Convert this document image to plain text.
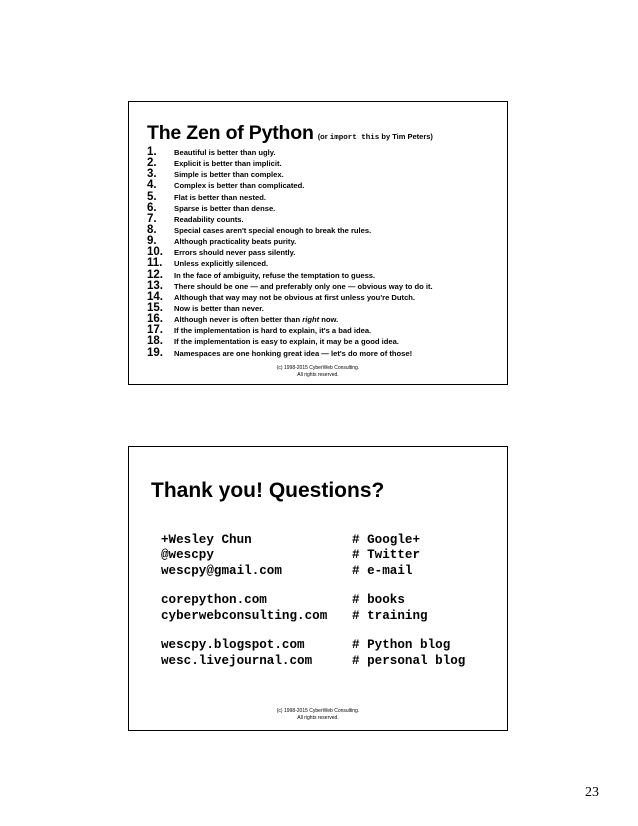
The Zen of Python (or import this by Tim Peters)
1. Beautiful is better than ugly.
2. Explicit is better than implicit.
3. Simple is better than complex.
4. Complex is better than complicated.
5. Flat is better than nested.
6. Sparse is better than dense.
7. Readability counts.
8. Special cases aren't special enough to break the rules.
9. Although practicality beats purity.
10. Errors should never pass silently.
11. Unless explicitly silenced.
12. In the face of ambiguity, refuse the temptation to guess.
13. There should be one — and preferably only one — obvious way to do it.
14. Although that way may not be obvious at first unless you're Dutch.
15. Now is better than never.
16. Although never is often better than right now.
17. If the implementation is hard to explain, it's a bad idea.
18. If the implementation is easy to explain, it may be a good idea.
19. Namespaces are one honking great idea — let's do more of those!
(c) 1998-2015 CyberWeb Consulting.
All rights reserved.
Thank you! Questions?
+Wesley Chun	# Google+
@wescpy	# Twitter
wescpy@gmail.com	# e-mail
corepython.com	# books
cyberwebconsulting.com # training
wescpy.blogspot.com	# Python blog
wesc.livejournal.com	# personal blog
(c) 1998-2015 CyberWeb Consulting.
All rights reserved.
23
